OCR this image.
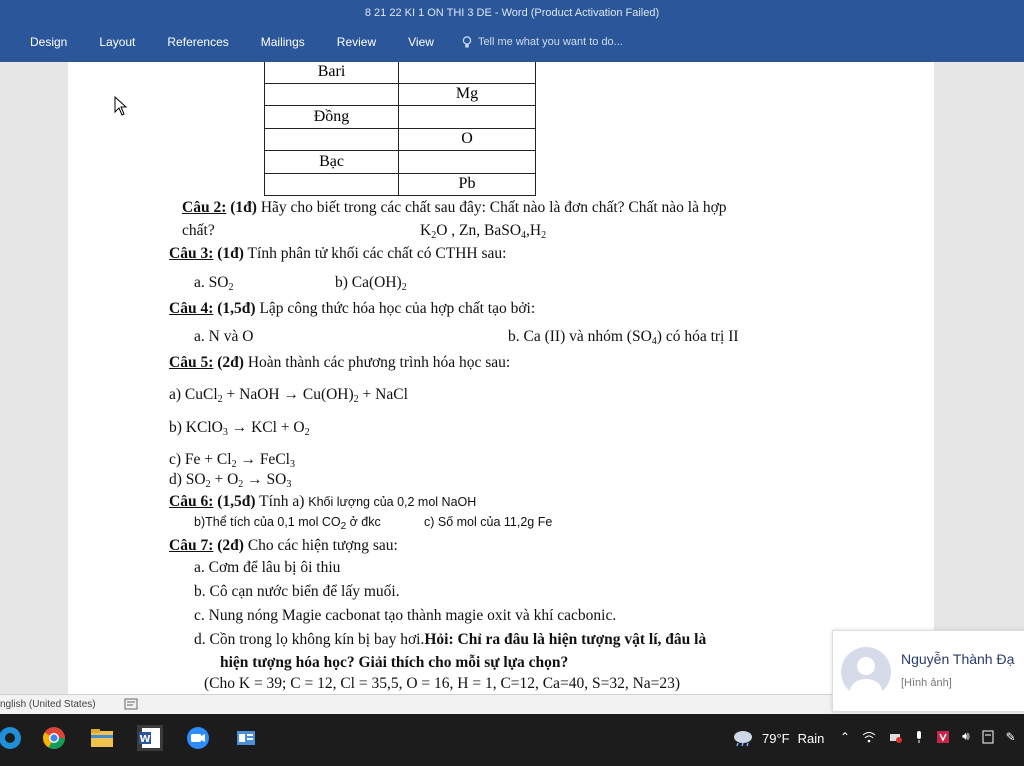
8 21 22 KI 1 ON THI 3 DE - Word (Product Activation Failed)
Design	Layout	References	Mailings	Review	View	Tell me what you want to do...
Bari	
	Mg
Đồng	
	O
Bạc	
	Pb
Câu 2: (1đ) Hãy cho biết trong các chất sau đây: Chất nào là đơn chất? Chất nào là hợp
chất?	$K_2O$ , Zn, $BaSO_4,H_2$
Câu 3: (1đ) Tính phân tử khối các chất có CTHH sau:
a. $SO_2$	b) $Ca(OH)_2$
Câu 4: (1,5đ) Lập công thức hóa học của hợp chất tạo bởi:
a. N và O	b. Ca (II) và nhóm $(SO_4)$ có hóa trị II
Câu 5: (2đ) Hoàn thành các phương trình hóa học sau:
a) CuCl$_2$ + NaOH → $Cu(OH)_2$ + NaCl
b) KClO$_3$ → KCl + $O_2$
c) $Fe + Cl_2$ → FeCl$_3$
d) $SO_2 + O_2 \to SO_3$
Câu 6: (1,5đ) Tính a) Khối lượng của 0,2 mol NaOH
b)Thể tích của 0,1 mol $CO_2$ ở đkc	c) Số mol của 11,2g Fe
Câu 7: (2đ) Cho các hiện tượng sau:
a. Cơm để lâu bị ôi thiu
b. Cô cạn nước biển để lấy muối.
c. Nung nóng Magie cacbonat tạo thành magie oxit và khí cacbonic.
d. Cồn trong lọ không kín bị bay hơi.Hỏi: Chỉ ra đâu là hiện tượng vật lí, đâu là
hiện tượng hóa học? Giải thích cho mỗi sự lựa chọn?
(Cho K = 39; C = 12, Cl = 35,5, O = 16, H = 1, C=12, Ca=40, S=32, Na=23)
nglish (United States)
Nguyễn Thành Đạ
[Hình ảnh]
W	79°F Rain ⌃	🔊︎	✎
